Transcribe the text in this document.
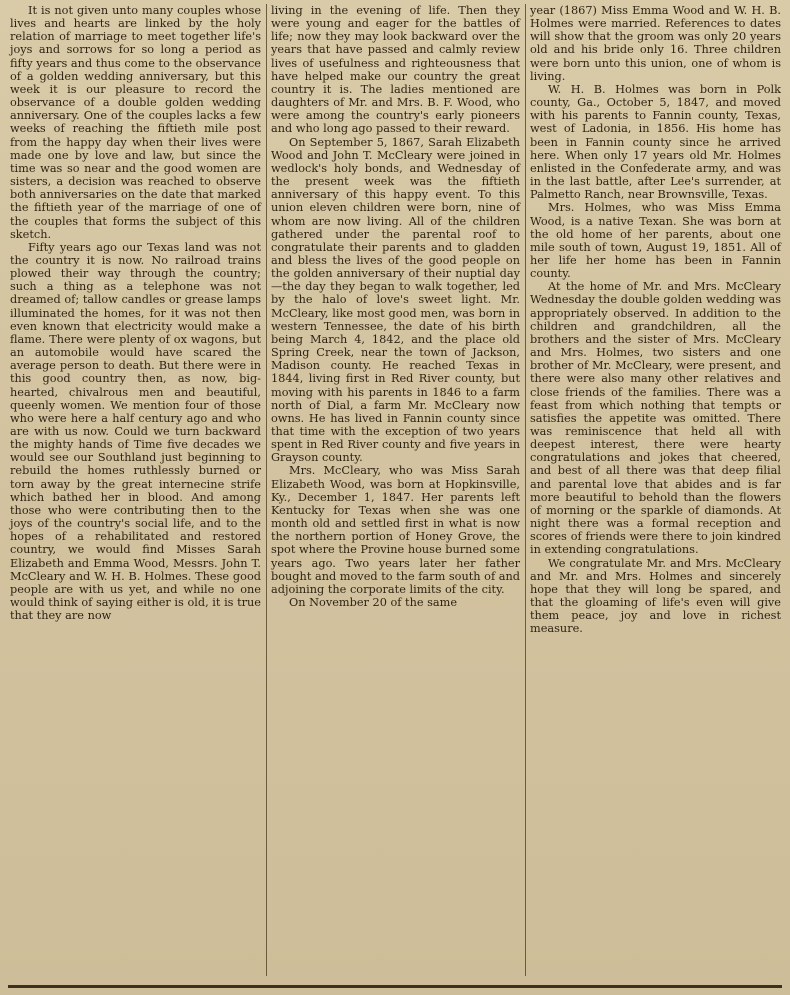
It is not given unto many couples whose lives and hearts are linked by the holy relation of marriage to meet together life's joys and sorrows for so long a period as fifty years and thus come to the observance of a golden wedding anniversary, but this week it is our pleasure to record the observance of a double golden wedding anniversary. One of the couples lacks a few weeks of reaching the fiftieth mile post from the happy day when their lives were made one by love and law, but since the time was so near and the good women are sisters, a decision was reached to observe both anniversaries on the date that marked the fiftieth year of the marriage of one of the couples that forms the subject of this sketch.

Fifty years ago our Texas land was not the country it is now. No railroad trains plowed their way through the country; such a thing as a telephone was not dreamed of; tallow candles or grease lamps illuminated the homes, for it was not then even known that electricity would make a flame. There were plenty of ox wagons, but an automobile would have scared the average person to death. But there were in this good country then, as now, big-hearted, chivalrous men and beautiful, queenly women. We mention four of those who were here a half century ago and who are with us now. Could we turn backward the mighty hands of Time five decades we would see our Southland just beginning to rebuild the homes ruthlessly burned or torn away by the great internecine strife which bathed her in blood. And among those who were contributing then to the joys of the country's social life, and to the hopes of a rehabilitated and restored country, we would find Misses Sarah Elizabeth and Emma Wood, Messrs. John T. McCleary and W. H. B. Holmes. These good people are with us yet, and while no one would think of saying either is old, it is true that they are now

living in the evening of life. Then they were young and eager for the battles of life; now they may look backward over the years that have passed and calmly review lives of usefulness and righteousness that have helped make our country the great country it is. The ladies mentioned are daughters of Mr. and Mrs. B. F. Wood, who were among the country's early pioneers and who long ago passed to their reward.

On September 5, 1867, Sarah Elizabeth Wood and John T. McCleary were joined in wedlock's holy bonds, and Wednesday of the present week was the fiftieth anniversary of this happy event. To this union eleven children were born, nine of whom are now living. All of the children gathered under the parental roof to congratulate their parents and to gladden and bless the lives of the good people on the golden anniversary of their nuptial day—the day they began to walk together, led by the halo of love's sweet light. Mr. McCleary, like most good men, was born in western Tennessee, the date of his birth being March 4, 1842, and the place old Spring Creek, near the town of Jackson, Madison county. He reached Texas in 1844, living first in Red River county, but moving with his parents in 1846 to a farm north of Dial, a farm Mr. McCleary now owns. He has lived in Fannin county since that time with the exception of two years spent in Red River county and five years in Grayson county.

Mrs. McCleary, who was Miss Sarah Elizabeth Wood, was born at Hopkinsville, Ky., December 1, 1847. Her parents left Kentucky for Texas when she was one month old and settled first in what is now the northern portion of Honey Grove, the spot where the Provine house burned some years ago. Two years later her father bought and moved to the farm south of and adjoining the corporate limits of the city.

On November 20 of the same

year (1867) Miss Emma Wood and W. H. B. Holmes were married. References to dates will show that the groom was only 20 years old and his bride only 16. Three children were born unto this union, one of whom is living.

W. H. B. Holmes was born in Polk county, Ga., October 5, 1847, and moved with his parents to Fannin county, Texas, west of Ladonia, in 1856. His home has been in Fannin county since he arrived here. When only 17 years old Mr. Holmes enlisted in the Confederate army, and was in the last battle, after Lee's surrender, at Palmetto Ranch, near Brownsville, Texas.

Mrs. Holmes, who was Miss Emma Wood, is a native Texan. She was born at the old home of her parents, about one mile south of town, August 19, 1851. All of her life her home has been in Fannin county.

At the home of Mr. and Mrs. McCleary Wednesday the double golden wedding was appropriately observed. In addition to the children and grandchildren, all the brothers and the sister of Mrs. McCleary and Mrs. Holmes, two sisters and one brother of Mr. McCleary, were present, and there were also many other relatives and close friends of the families. There was a feast from which nothing that tempts or satisfies the appetite was omitted. There was reminiscence that held all with deepest interest, there were hearty congratulations and jokes that cheered, and best of all there was that deep filial and parental love that abides and is far more beautiful to behold than the flowers of morning or the sparkle of diamonds. At night there was a formal reception and scores of friends were there to join kindred in extending congratulations.

We congratulate Mr. and Mrs. McCleary and Mr. and Mrs. Holmes and sincerely hope that they will long be spared, and that the gloaming of life's even will give them peace, joy and love in richest measure.
